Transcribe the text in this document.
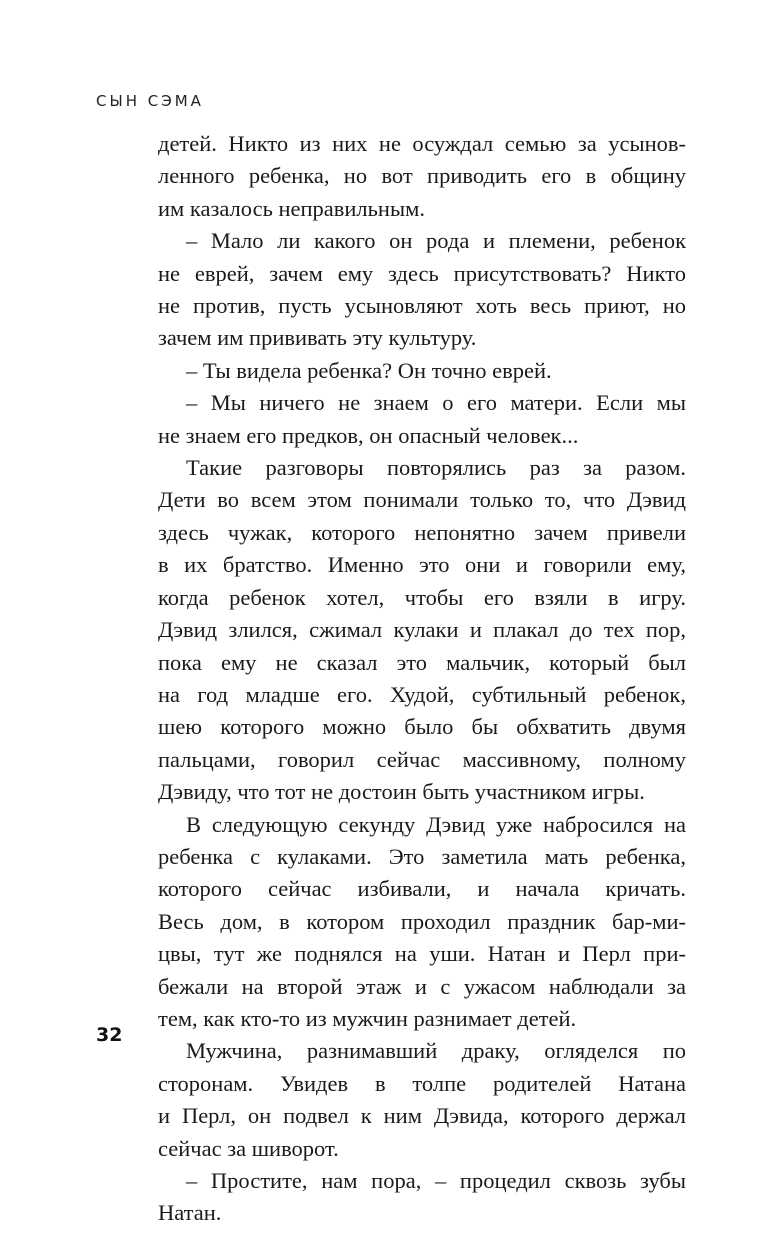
СЫН СЭМА

детей. Никто из них не осуждал семью за усынов-

ленного ребенка, но вот приводить его в общину

им казалось неправильным.

– Мало ли какого он рода и племени, ребенок

не еврей, зачем ему здесь присутствовать? Никто

не против, пусть усыновляют хоть весь приют, но

зачем им прививать эту культуру.

– Ты видела ребенка? Он точно еврей.

– Мы ничего не знаем о его матери. Если мы

не знаем его предков, он опасный человек...

Такие разговоры повторялись раз за разом.

Дети во всем этом понимали только то, что Дэвид

здесь чужак, которого непонятно зачем привели

в их братство. Именно это они и говорили ему,

когда ребенок хотел, чтобы его взяли в игру.

Дэвид злился, сжимал кулаки и плакал до тех пор,

пока ему не сказал это мальчик, который был

на год младше его. Худой, субтильный ребенок,

шею которого можно было бы обхватить двумя

пальцами, говорил сейчас массивному, полному

Дэвиду, что тот не достоин быть участником игры.

В следующую секунду Дэвид уже набросился на

ребенка с кулаками. Это заметила мать ребенка,

которого сейчас избивали, и начала кричать.

Весь дом, в котором проходил праздник бар-ми-

цвы, тут же поднялся на уши. Натан и Перл при-

бежали на второй этаж и с ужасом наблюдали за

тем, как кто-то из мужчин разнимает детей.

Мужчина, разнимавший драку, огляделся по

сторонам. Увидев в толпе родителей Натана

и Перл, он подвел к ним Дэвида, которого держал

сейчас за шиворот.

– Простите, нам пора, – процедил сквозь зубы

Натан.

32
